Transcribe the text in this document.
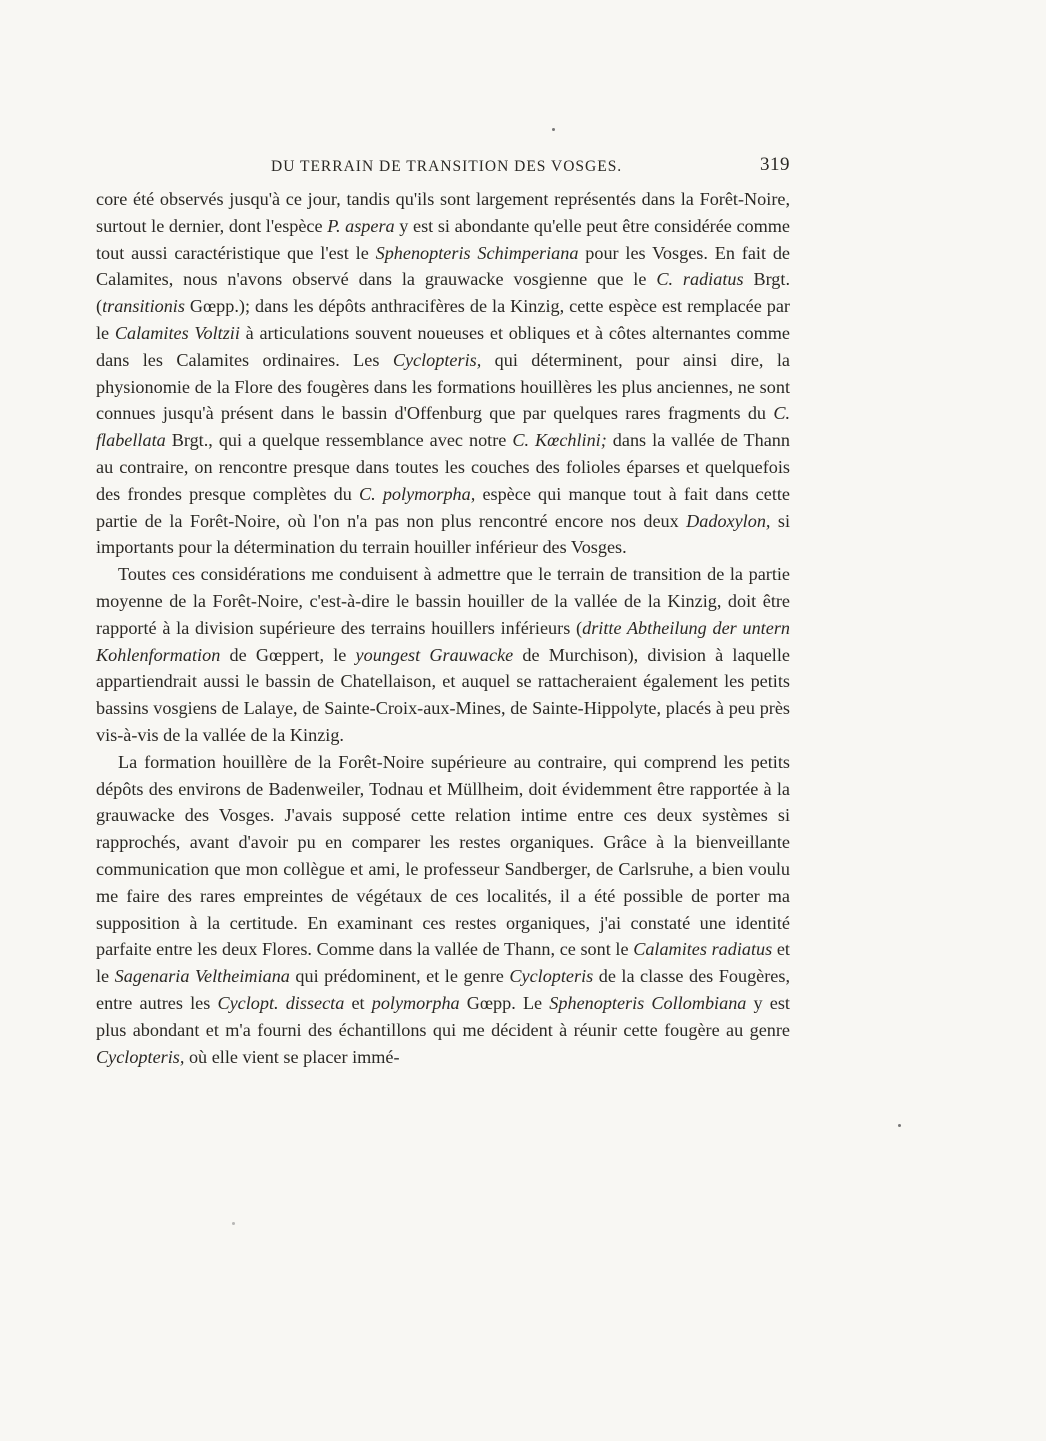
DU TERRAIN DE TRANSITION DES VOSGES.	319

core été observés jusqu'à ce jour, tandis qu'ils sont largement représentés dans la Forêt-Noire, surtout le dernier, dont l'espèce P. aspera y est si abondante qu'elle peut être considérée comme tout aussi caractéristique que l'est le Sphenopteris Schimperiana pour les Vosges. En fait de Calamites, nous n'avons observé dans la grauwacke vosgienne que le C. radiatus Brgt. (transitionis Gœpp.); dans les dépôts anthracifères de la Kinzig, cette espèce est remplacée par le Calamites Voltzii à articulations souvent noueuses et obliques et à côtes alternantes comme dans les Calamites ordinaires. Les Cyclopteris, qui déterminent, pour ainsi dire, la physionomie de la Flore des fougères dans les formations houillères les plus anciennes, ne sont connues jusqu'à présent dans le bassin d'Offenburg que par quelques rares fragments du C. flabellata Brgt., qui a quelque ressemblance avec notre C. Kœchlini; dans la vallée de Thann au contraire, on rencontre presque dans toutes les couches des folioles éparses et quelquefois des frondes presque complètes du C. polymorpha, espèce qui manque tout à fait dans cette partie de la Forêt-Noire, où l'on n'a pas non plus rencontré encore nos deux Dadoxylon, si importants pour la détermination du terrain houiller inférieur des Vosges.

Toutes ces considérations me conduisent à admettre que le terrain de transition de la partie moyenne de la Forêt-Noire, c'est-à-dire le bassin houiller de la vallée de la Kinzig, doit être rapporté à la division supérieure des terrains houillers inférieurs (dritte Abtheilung der untern Kohlenformation de Gœppert, le youngest Grauwacke de Murchison), division à laquelle appartiendrait aussi le bassin de Chatellaison, et auquel se rattacheraient également les petits bassins vosgiens de Lalaye, de Sainte-Croix-aux-Mines, de Sainte-Hippolyte, placés à peu près vis-à-vis de la vallée de la Kinzig.

La formation houillère de la Forêt-Noire supérieure au contraire, qui comprend les petits dépôts des environs de Badenweiler, Todnau et Müllheim, doit évidemment être rapportée à la grauwacke des Vosges. J'avais supposé cette relation intime entre ces deux systèmes si rapprochés, avant d'avoir pu en comparer les restes organiques. Grâce à la bienveillante communication que mon collègue et ami, le professeur Sandberger, de Carlsruhe, a bien voulu me faire des rares empreintes de végétaux de ces localités, il a été possible de porter ma supposition à la certitude. En examinant ces restes organiques, j'ai constaté une identité parfaite entre les deux Flores. Comme dans la vallée de Thann, ce sont le Calamites radiatus et le Sagenaria Veltheimiana qui prédominent, et le genre Cyclopteris de la classe des Fougères, entre autres les Cyclopt. dissecta et polymorpha Gœpp. Le Sphenopteris Collombiana y est plus abondant et m'a fourni des échantillons qui me décident à réunir cette fougère au genre Cyclopteris, où elle vient se placer immé-
